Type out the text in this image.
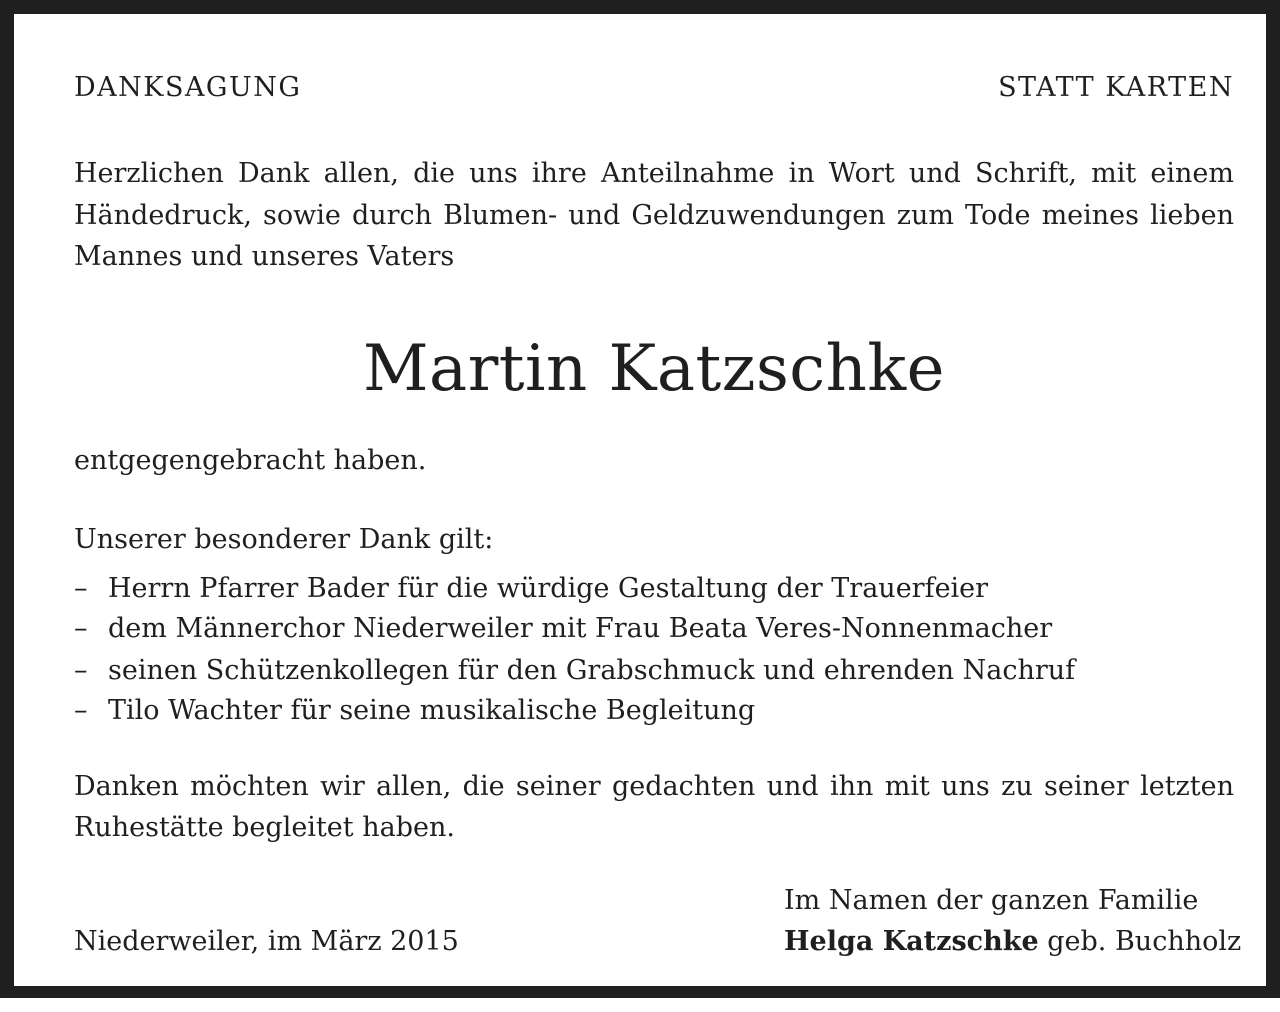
DANKSAGUNG	STATT KARTEN
Herzlichen Dank allen, die uns ihre Anteilnahme in Wort und Schrift, mit einem
Händedruck, sowie durch Blumen- und Geldzuwendungen zum Tode meines lieben
Mannes und unseres Vaters
Martin Katzschke
entgegengebracht haben.
Unserer besonderer Dank gilt:
– Herrn Pfarrer Bader für die würdige Gestaltung der Trauerfeier
– dem Männerchor Niederweiler mit Frau Beata Veres-Nonnenmacher
– seinen Schützenkollegen für den Grabschmuck und ehrenden Nachruf
– Tilo Wachter für seine musikalische Begleitung
Danken möchten wir allen, die seiner gedachten und ihn mit uns zu seiner letzten
Ruhestätte begleitet haben.
Niederweiler, im März 2015
Im Namen der ganzen Familie
Helga Katzschke geb. Buchholz
